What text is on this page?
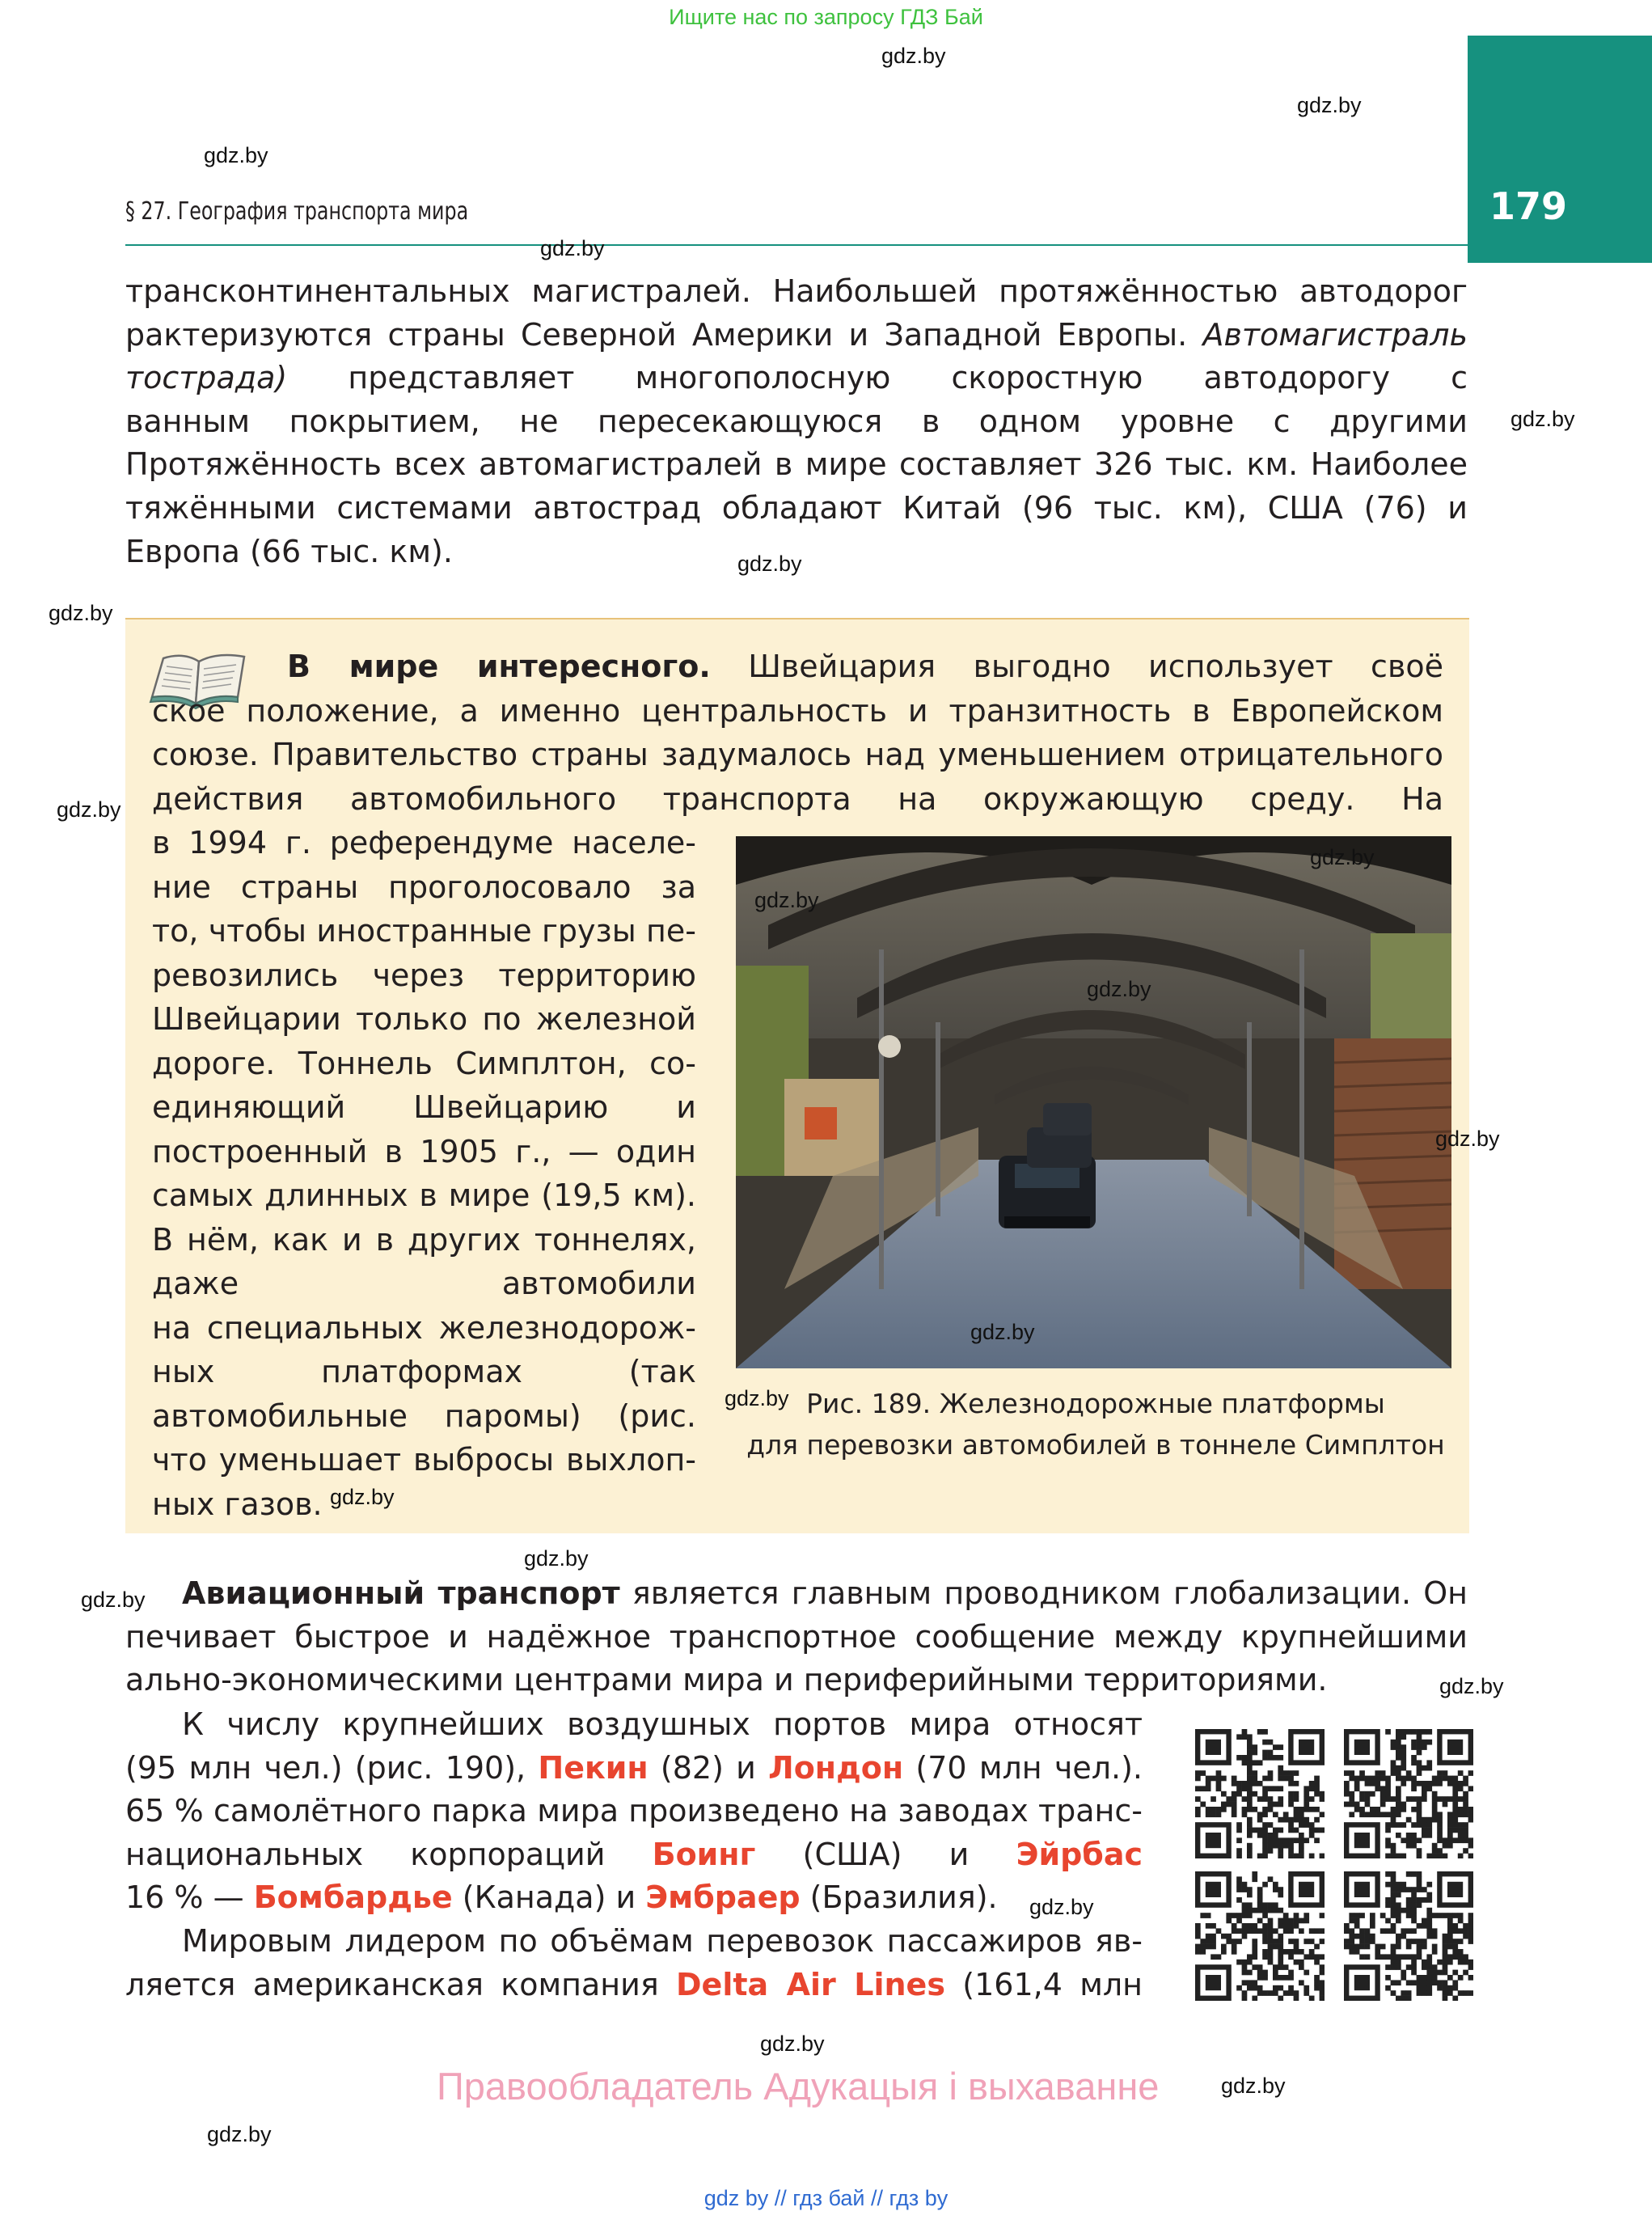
Ищите нас по запросу ГДЗ Бай
179
§ 27. География транспорта мира
трансконтинентальных магистралей. Наибольшей протяжённостью автодорог
рактеризуются страны Северной Америки и Западной Европы. Автомагистраль
тострада) представляет многополосную скоростную автодорогу с
ванным покрытием, не пересекающуюся в одном уровне с другими
Протяжённость всех автомагистралей в мире составляет 326 тыс. км. Наиболее
тяжёнными системами автострад обладают Китай (96 тыс. км), США (76) и
Европа (66 тыс. км).
В мире интересного. Швейцария выгодно использует своё
ское положение, а именно центральность и транзитность в Европейском
союзе. Правительство страны задумалось над уменьшением отрицательного
действия автомобильного транспорта на окружающую среду. На
в 1994 г. референдуме населе-
ние страны проголосовало за
то, чтобы иностранные грузы пе-
ревозились через территорию
Швейцарии только по железной
дороге. Тоннель Симплтон, со-
единяющий Швейцарию и
построенный в 1905 г., — один
самых длинных в мире (19,5 км).
В нём, как и в других тоннелях,
даже автомобили
на специальных железнодорож-
ных платформах (так
автомобильные паромы) (рис.
что уменьшает выбросы выхлоп-
ных газов.
Рис. 189. Железнодорожные платформы
для перевозки автомобилей в тоннеле Симплтон
Авиационный транспорт является главным проводником глобализации. Он
печивает быстрое и надёжное транспортное сообщение между крупнейшими
ально-экономическими центрами мира и периферийными территориями.
К числу крупнейших воздушных портов мира относят
(95 млн чел.) (рис. 190), Пекин (82) и Лондон (70 млн чел.).
65 % самолётного парка мира произведено на заводах транс-
национальных корпораций Боинг (США) и Эйрбас
16 % — Бомбардье (Канада) и Эмбраер (Бразилия).
Мировым лидером по объёмам перевозок пассажиров яв-
ляется американская компания Delta Air Lines (161,4 млн
Правообладатель Адукацыя і выхаванне
gdz by // гдз бай // гдз by
gdz.by
gdz.by
gdz.by
gdz.by
gdz.by
gdz.by
gdz.by
gdz.by
gdz.by
gdz.by
gdz.by
gdz.by
gdz.by
gdz.by
gdz.by
gdz.by
gdz.by
gdz.by
gdz.by
gdz.by
gdz.by
gdz.by
